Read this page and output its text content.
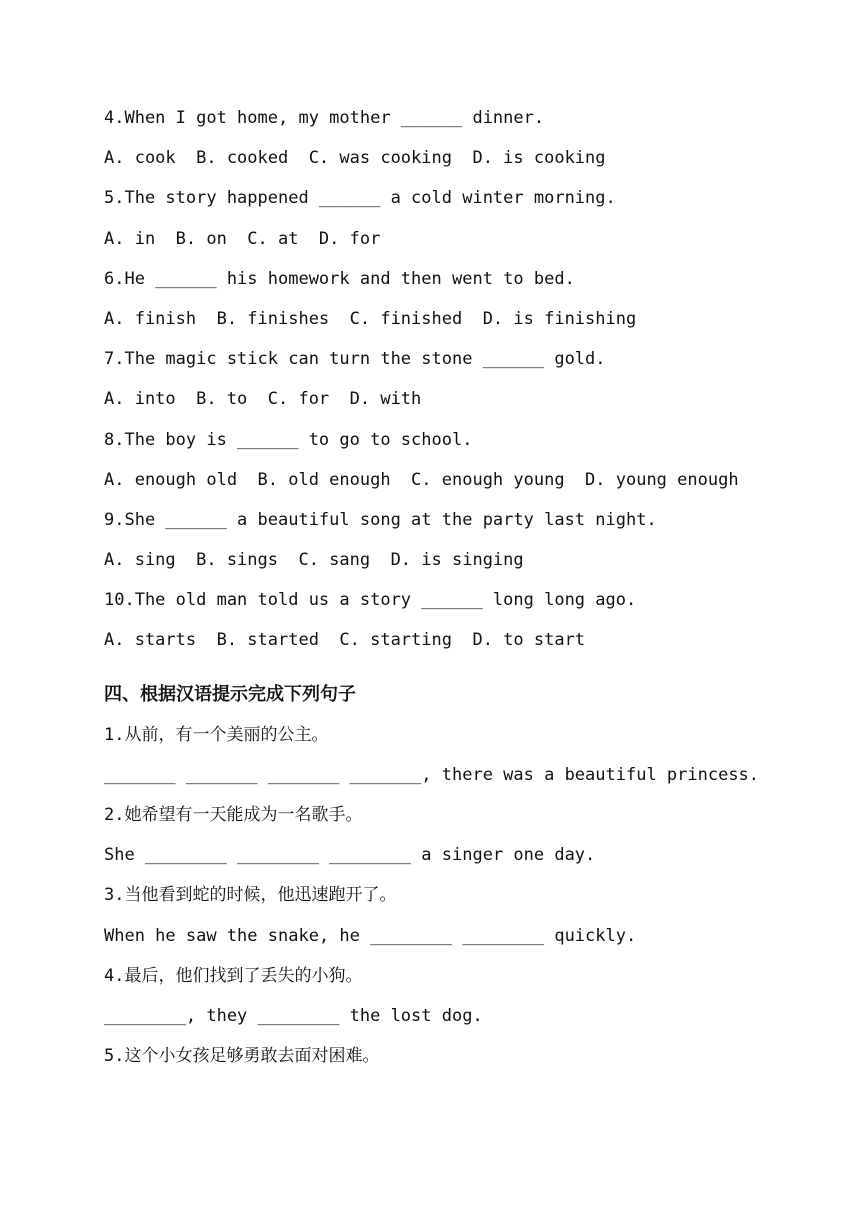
4.When I got home, my mother ______ dinner.
A. cook  B. cooked  C. was cooking  D. is cooking
5.The story happened ______ a cold winter morning.
A. in  B. on  C. at  D. for
6.He ______ his homework and then went to bed.
A. finish  B. finishes  C. finished  D. is finishing
7.The magic stick can turn the stone ______ gold.
A. into  B. to  C. for  D. with
8.The boy is ______ to go to school.
A. enough old  B. old enough  C. enough young  D. young enough
9.She ______ a beautiful song at the party last night.
A. sing  B. sings  C. sang  D. is singing
10.The old man told us a story ______ long long ago.
A. starts  B. started  C. starting  D. to start
四、根据汉语提示完成下列句子
1.从前，有一个美丽的公主。
_______ _______ _______ _______, there was a beautiful princess.
2.她希望有一天能成为一名歌手。
She ________ ________ ________ a singer one day.
3.当他看到蛇的时候，他迅速跑开了。
When he saw the snake, he ________ ________ quickly.
4.最后，他们找到了丢失的小狗。
________, they ________ the lost dog.
5.这个小女孩足够勇敢去面对困难。
